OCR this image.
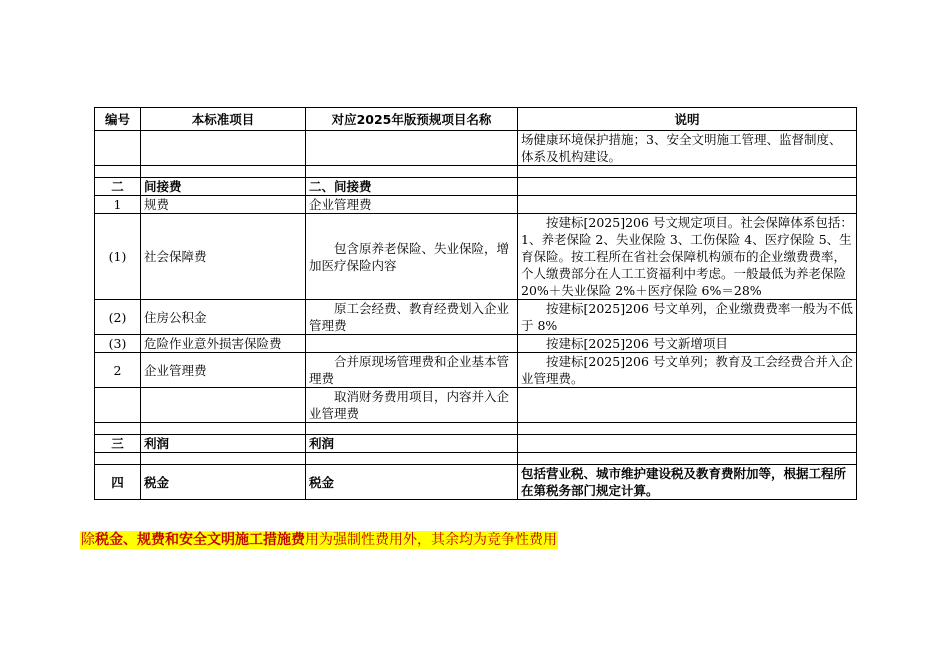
编号	本标准项目	对应2025年版预规项目名称	说明
			场健康环境保护措施；3、安全文明施工管理、监督制度、体系及机构建设。

二	间接费	二、间接费	
1	规费	企业管理费	
(1)	社会保障费	包含原养老保险、失业保险，增加医疗保险内容	按建标[2025]206 号文规定项目。社会保障体系包括：1、养老保险 2、失业保险 3、工伤保险 4、医疗保险 5、生育保险。按工程所在省社会保障机构颁布的企业缴费费率，个人缴费部分在人工工资福利中考虑。一般最低为养老保险 20%＋失业保险 2%＋医疗保险 6%＝28%
(2)	住房公积金	原工会经费、教育经费划入企业管理费	按建标[2025]206 号文单列，企业缴费费率一般为不低于 8%
(3)	危险作业意外损害保险费		按建标[2025]206 号文新增项目
2	企业管理费	合并原现场管理费和企业基本管理费	按建标[2025]206 号文单列；教育及工会经费合并入企业管理费。
		取消财务费用项目，内容并入企业管理费	

三	利润	利润	

四	税金	税金	包括营业税、城市维护建设税及教育费附加等，根据工程所在第税务部门规定计算。
除税金、规费和安全文明施工措施费用为强制性费用外，其余均为竞争性费用
